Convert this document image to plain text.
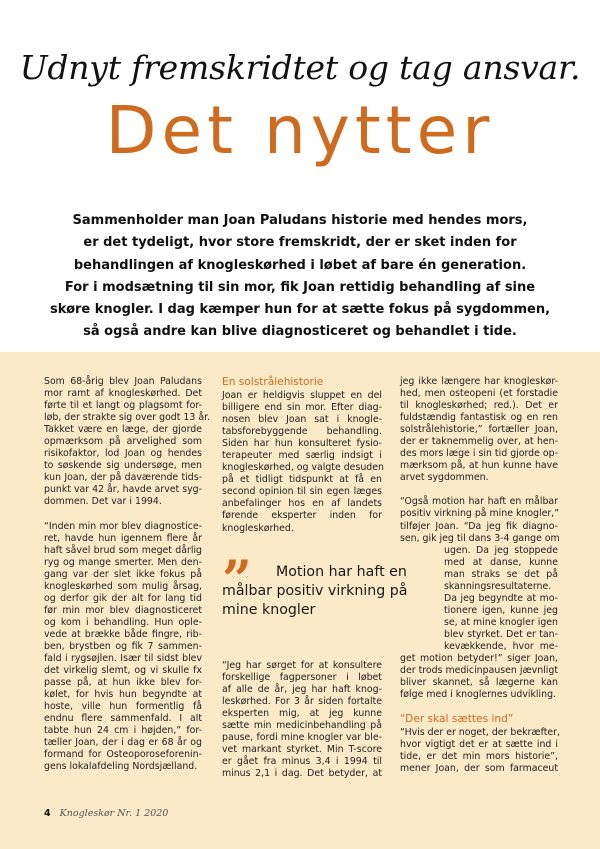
Udnyt fremskridtet og tag ansvar.
Det nytter
Sammenholder man Joan Paludans historie med hendes mors,
er det tydeligt, hvor store fremskridt, der er sket inden for
behandlingen af knogleskørhed i løbet af bare én generation.
For i modsætning til sin mor, fik Joan rettidig behandling af sine
skøre knogler. I dag kæmper hun for at sætte fokus på sygdommen,
så også andre kan blive diagnosticeret og behandlet i tide.

Som 68-årig blev Joan Paludans
mor ramt af knogleskørhed. Det
førte til et langt og plagsomt for-
løb, der strakte sig over godt 13 år.
Takket være en læge, der gjorde
opmærksom på arvelighed som
risikofaktor, lod Joan og hendes
to søskende sig undersøge, men
kun Joan, der på daværende tids-
punkt var 42 år, havde arvet syg-
dommen. Det var i 1994.

“Inden min mor blev diagnostice-
ret, havde hun igennem flere år
haft såvel brud som meget dårlig
ryg og mange smerter. Men den-
gang var der slet ikke fokus på
knogleskørhed som mulig årsag,
og derfor gik der alt for lang tid
før min mor blev diagnosticeret
og kom i behandling. Hun ople-
vede at brække både fingre, rib-
ben, brystben og fik 7 sammen-
fald i rygsøjlen. Især til sidst blev
det virkelig slemt, og vi skulle fx
passe på, at hun ikke blev for-
kølet, for hvis hun begyndte at
hoste, ville hun formentlig få
endnu flere sammenfald. I alt
tabte hun 24 cm i højden,” for-
tæller Joan, der i dag er 68 år og
formand for Osteoporoseforenin-
gens lokalafdeling Nordsjælland.

En solstrålehistorie

Joan er heldigvis sluppet en del
billigere end sin mor. Efter diag-
nosen blev Joan sat i knogle-
tabsforebyggende behandling.
Siden har hun konsulteret fysio-
terapeuter med særlig indsigt i
knogleskørhed, og valgte desuden
på et tidligt tidspunkt at få en
second opinion til sin egen læges
anbefalinger hos en af landets
førende eksperter inden for
knogleskørhed.

”	Motion har haft en
målbar positiv virkning på
mine knogler

“Jeg har sørget for at konsultere
forskellige fagpersoner i løbet
af alle de år, jeg har haft knog-
leskørhed. For 3 år siden fortalte
eksperten mig, at jeg kunne
sætte min medicinbehandling på
pause, fordi mine knogler var ble-
vet markant styrket. Min T-score
er gået fra minus 3,4 i 1994 til
minus 2,1 i dag. Det betyder, at

jeg ikke længere har knogleskør-
hed, men osteopeni (et forstadie
til knogleskørhed; red.). Det er
fuldstændig fantastisk og en ren
solstrålehistorie,” fortæller Joan,
der er taknemmelig over, at hen-
des mors læge i sin tid gjorde op-
mærksom på, at hun kunne have
arvet sygdommen.

“Også motion har haft en målbar
positiv virkning på mine knogler,”
tilføjer Joan. “Da jeg fik diagno-
sen, gik jeg til dans 3-4 gange om
ugen. Da jeg stoppede
med at danse, kunne
man straks se det på
skanningsresultaterne.
Da jeg begyndte at mo-
tionere igen, kunne jeg
se, at mine knogler igen
blev styrket. Det er tan-
kevækkende, hvor me-
get motion betyder!” siger Joan,
der trods medicinpausen jævnligt
bliver skannet, så lægerne kan
følge med i knoglernes udvikling.

“Der skal sættes ind”

“Hvis der er noget, der bekræfter,
hvor vigtigt det er at sætte ind i
tide, er det min mors historie”,
mener Joan, der som farmaceut

4 Knogleskør Nr. 1 2020
